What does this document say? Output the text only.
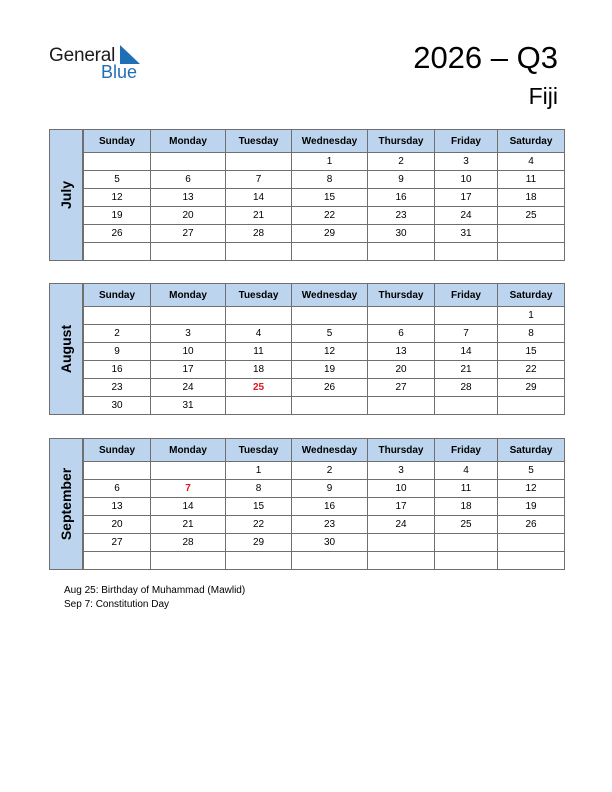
General
Blue	2026 – Q3
Fiji
July
Sunday	Monday	Tuesday	Wednesday	Thursday	Friday	Saturday
			1	2	3	4
5	6	7	8	9	10	11
12	13	14	15	16	17	18
19	20	21	22	23	24	25
26	27	28	29	30	31	

August
Sunday	Monday	Tuesday	Wednesday	Thursday	Friday	Saturday
						1
2	3	4	5	6	7	8
9	10	11	12	13	14	15
16	17	18	19	20	21	22
23	24	25	26	27	28	29
30	31					
September
Sunday	Monday	Tuesday	Wednesday	Thursday	Friday	Saturday
		1	2	3	4	5
6	7	8	9	10	11	12
13	14	15	16	17	18	19
20	21	22	23	24	25	26
27	28	29	30			

Aug 25: Birthday of Muhammad (Mawlid)
Sep 7: Constitution Day
